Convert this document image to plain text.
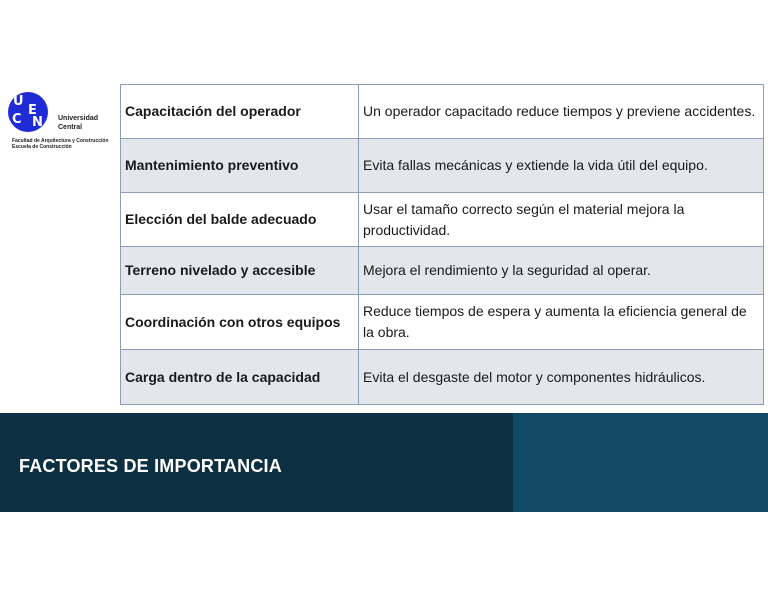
U
C
E
N Universidad
Central
Facultad de Arquitectura y Construcción
Escuela de Construcción
Capacitación del operador	Un operador capacitado reduce tiempos y previene accidentes.
Mantenimiento preventivo	Evita fallas mecánicas y extiende la vida útil del equipo.
Elección del balde adecuado	Usar el tamaño correcto según el material mejora la productividad.
Terreno nivelado y accesible	Mejora el rendimiento y la seguridad al operar.
Coordinación con otros equipos	Reduce tiempos de espera y aumenta la eficiencia general de la obra.
Carga dentro de la capacidad	Evita el desgaste del motor y componentes hidráulicos.
FACTORES DE IMPORTANCIA
